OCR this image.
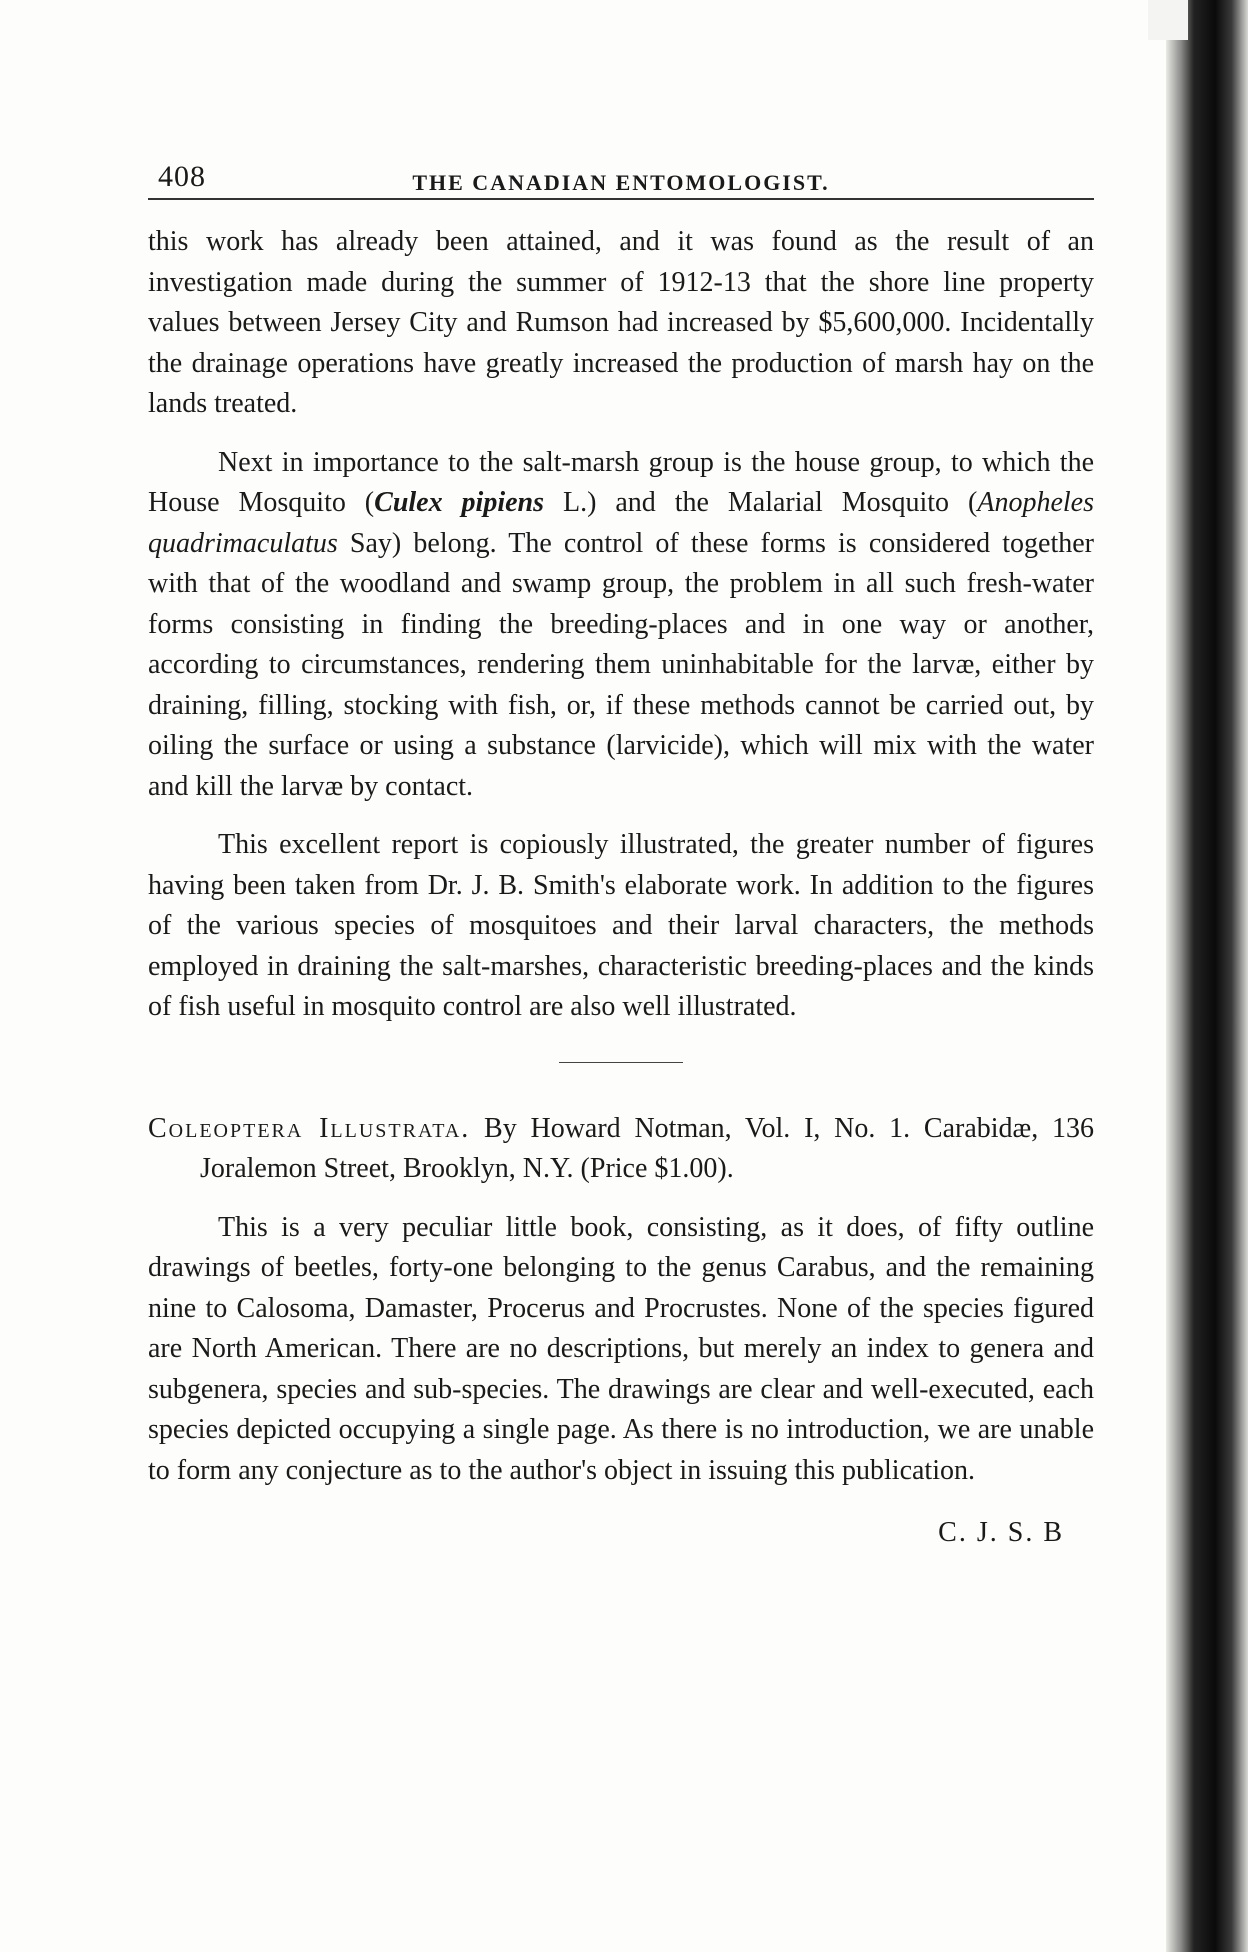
408	THE CANADIAN ENTOMOLOGIST.

this work has already been attained, and it was found as the result of an investigation made during the summer of 1912-13 that the shore line property values between Jersey City and Rumson had increased by $5,600,000. Incidentally the drainage operations have greatly increased the production of marsh hay on the lands treated.

Next in importance to the salt-marsh group is the house group, to which the House Mosquito (Culex pipiens L.) and the Malarial Mosquito (Anopheles quadrimaculatus Say) belong. The control of these forms is considered together with that of the woodland and swamp group, the problem in all such fresh-water forms consisting in finding the breeding-places and in one way or another, according to circumstances, rendering them uninhabitable for the larvæ, either by draining, filling, stocking with fish, or, if these methods cannot be carried out, by oiling the surface or using a substance (larvicide), which will mix with the water and kill the larvæ by contact.

This excellent report is copiously illustrated, the greater number of figures having been taken from Dr. J. B. Smith's elaborate work. In addition to the figures of the various species of mosquitoes and their larval characters, the methods employed in draining the salt-marshes, characteristic breeding-places and the kinds of fish useful in mosquito control are also well illustrated.

Coleoptera Illustrata. By Howard Notman, Vol. I, No. 1. Carabidæ, 136 Joralemon Street, Brooklyn, N.Y. (Price $1.00).

This is a very peculiar little book, consisting, as it does, of fifty outline drawings of beetles, forty-one belonging to the genus Carabus, and the remaining nine to Calosoma, Damaster, Procerus and Procrustes. None of the species figured are North American. There are no descriptions, but merely an index to genera and subgenera, species and sub-species. The drawings are clear and well-executed, each species depicted occupying a single page. As there is no introduction, we are unable to form any conjecture as to the author's object in issuing this publication.

C. J. S. B
